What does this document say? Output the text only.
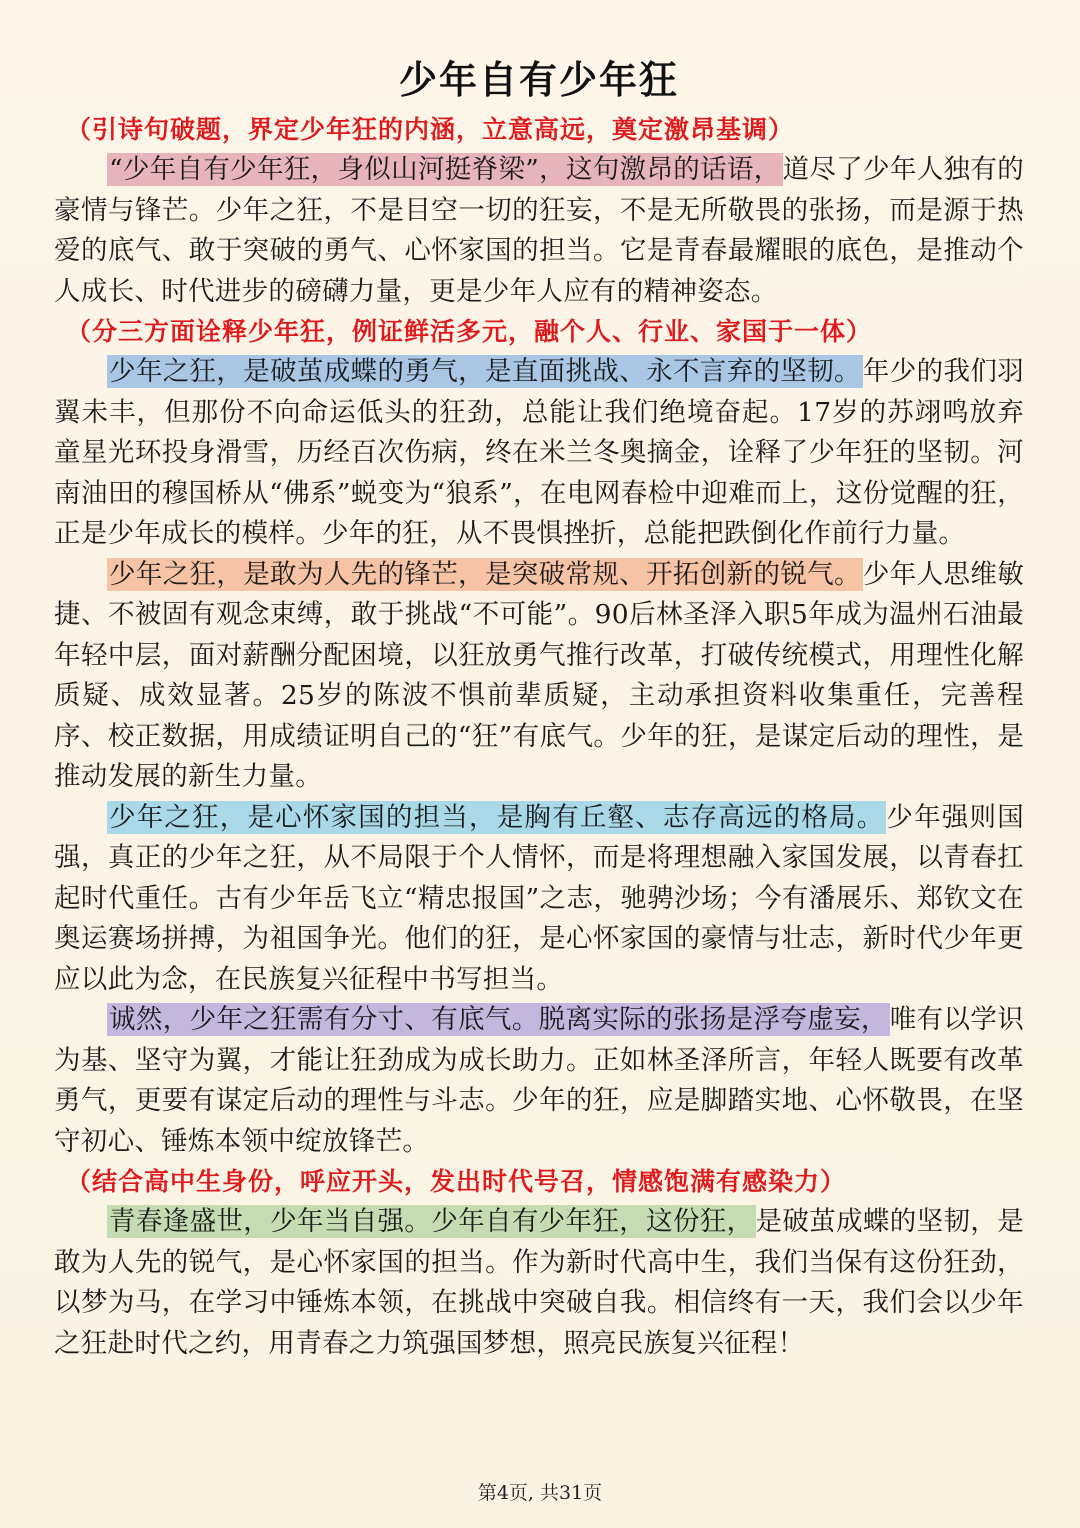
少年自有少年狂

（引诗句破题，界定少年狂的内涵，立意高远，奠定激昂基调）

“少年自有少年狂，身似山河挺脊梁”，这句激昂的话语，道尽了少年人独有的豪情与锋芒。少年之狂，不是目空一切的狂妄，不是无所敬畏的张扬，而是源于热爱的底气、敢于突破的勇气、心怀家国的担当。它是青春最耀眼的底色，是推动个人成长、时代进步的磅礴力量，更是少年人应有的精神姿态。

（分三方面诠释少年狂，例证鲜活多元，融个人、行业、家国于一体）

少年之狂，是破茧成蝶的勇气，是直面挑战、永不言弃的坚韧。年少的我们羽翼未丰，但那份不向命运低头的狂劲，总能让我们绝境奋起。17岁的苏翊鸣放弃童星光环投身滑雪，历经百次伤病，终在米兰冬奥摘金，诠释了少年狂的坚韧。河南油田的穆国桥从“佛系”蜕变为“狼系”，在电网春检中迎难而上，这份觉醒的狂，正是少年成长的模样。少年的狂，从不畏惧挫折，总能把跌倒化作前行力量。

少年之狂，是敢为人先的锋芒，是突破常规、开拓创新的锐气。少年人思维敏捷、不被固有观念束缚，敢于挑战“不可能”。90后林圣泽入职5年成为温州石油最年轻中层，面对薪酬分配困境，以狂放勇气推行改革，打破传统模式，用理性化解质疑、成效显著。25岁的陈波不惧前辈质疑，主动承担资料收集重任，完善程序、校正数据，用成绩证明自己的“狂”有底气。少年的狂，是谋定后动的理性，是推动发展的新生力量。

少年之狂，是心怀家国的担当，是胸有丘壑、志存高远的格局。少年强则国强，真正的少年之狂，从不局限于个人情怀，而是将理想融入家国发展，以青春扛起时代重任。古有少年岳飞立“精忠报国”之志，驰骋沙场；今有潘展乐、郑钦文在奥运赛场拼搏，为祖国争光。他们的狂，是心怀家国的豪情与壮志，新时代少年更应以此为念，在民族复兴征程中书写担当。

诚然，少年之狂需有分寸、有底气。脱离实际的张扬是浮夸虚妄，唯有以学识为基、坚守为翼，才能让狂劲成为成长助力。正如林圣泽所言，年轻人既要有改革勇气，更要有谋定后动的理性与斗志。少年的狂，应是脚踏实地、心怀敬畏，在坚守初心、锤炼本领中绽放锋芒。

（结合高中生身份，呼应开头，发出时代号召，情感饱满有感染力）

青春逢盛世，少年当自强。少年自有少年狂，这份狂，是破茧成蝶的坚韧，是敢为人先的锐气，是心怀家国的担当。作为新时代高中生，我们当保有这份狂劲，以梦为马，在学习中锤炼本领，在挑战中突破自我。相信终有一天，我们会以少年之狂赴时代之约，用青春之力筑强国梦想，照亮民族复兴征程！

第4页, 共31页
